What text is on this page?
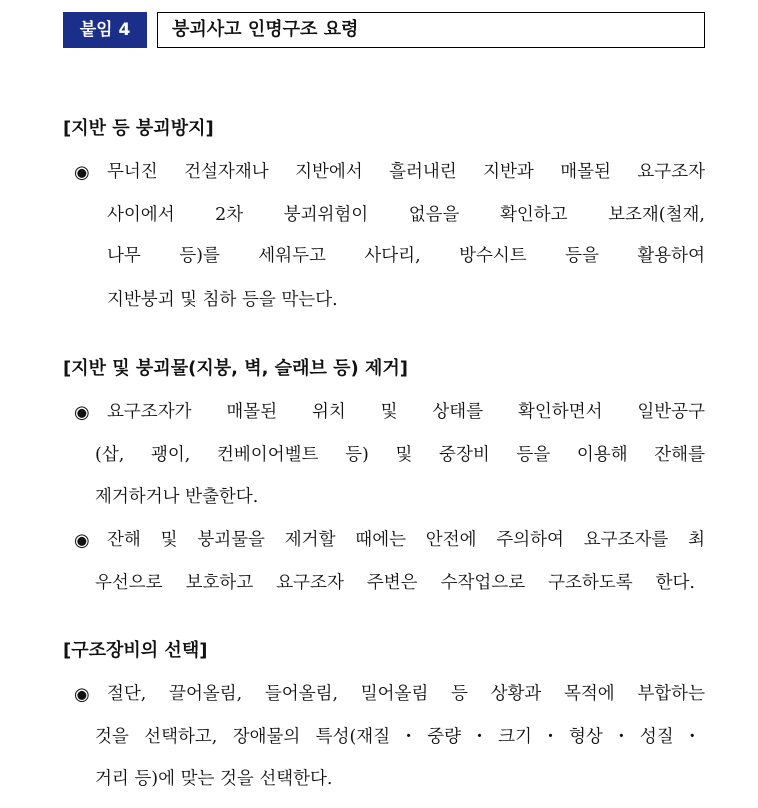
붙임 4	붕괴사고 인명구조 요령
[지반 등 붕괴방지]
◉ 무너진 건설자재나 지반에서 흘러내린 지반과 매몰된 요구조자
사이에서 2차 붕괴위험이 없음을 확인하고 보조재(철재,
나무 등)를 세워두고 사다리, 방수시트 등을 활용하여
지반붕괴 및 침하 등을 막는다.
[지반 및 붕괴물(지붕, 벽, 슬래브 등) 제거]
◉ 요구조자가 매몰된 위치 및 상태를 확인하면서 일반공구
(삽, 괭이, 컨베이어벨트 등) 및 중장비 등을 이용해 잔해를
제거하거나 반출한다.
◉ 잔해 및 붕괴물을 제거할 때에는 안전에 주의하여 요구조자를 최
우선으로 보호하고 요구조자 주변은 수작업으로 구조하도록 한다.
[구조장비의 선택]
◉ 절단, 끌어올림, 들어올림, 밀어올림 등 상황과 목적에 부합하는
것을 선택하고, 장애물의 특성(재질・중량・크기・형상・성질・
거리 등)에 맞는 것을 선택한다.
